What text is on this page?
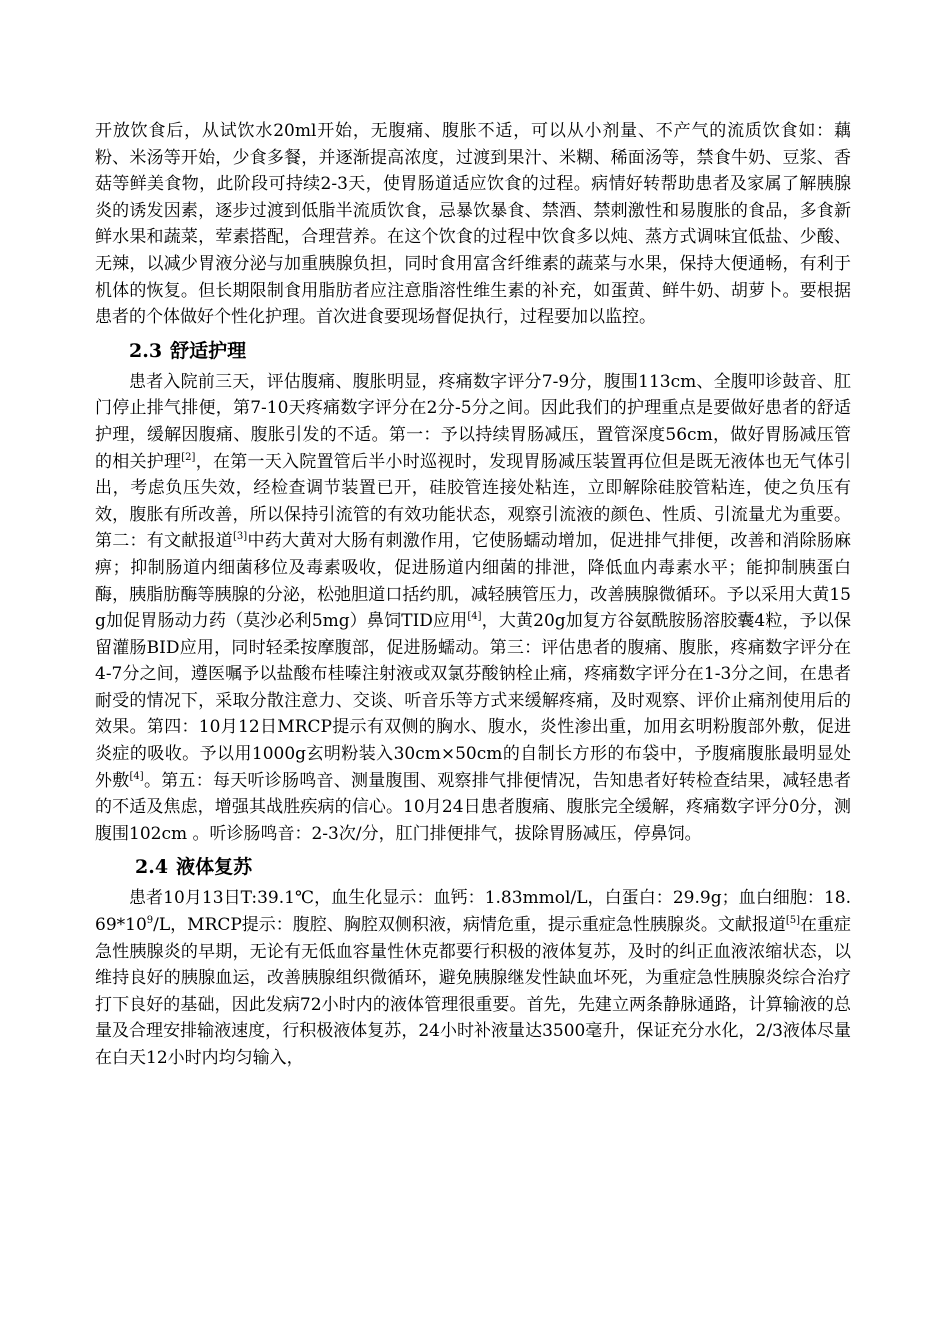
开放饮食后，从试饮水20ml开始，无腹痛、腹胀不适，可以从小剂量、不产气的流质饮食如：藕粉、米汤等开始，少食多餐，并逐渐提高浓度，过渡到果汁、米糊、稀面汤等，禁食牛奶、豆浆、香菇等鲜美食物，此阶段可持续2-3天，使胃肠道适应饮食的过程。病情好转帮助患者及家属了解胰腺炎的诱发因素，逐步过渡到低脂半流质饮食，忌暴饮暴食、禁酒、禁刺激性和易腹胀的食品，多食新鲜水果和蔬菜，荤素搭配，合理营养。在这个饮食的过程中饮食多以炖、蒸方式调味宜低盐、少酸、无辣，以减少胃液分泌与加重胰腺负担，同时食用富含纤维素的蔬菜与水果，保持大便通畅，有利于机体的恢复。但长期限制食用脂肪者应注意脂溶性维生素的补充，如蛋黄、鲜牛奶、胡萝卜。要根据患者的个体做好个性化护理。首次进食要现场督促执行，过程要加以监控。

2.3 舒适护理

患者入院前三天，评估腹痛、腹胀明显，疼痛数字评分7-9分，腹围113cm、全腹叩诊鼓音、肛门停止排气排便，第7-10天疼痛数字评分在2分-5分之间。因此我们的护理重点是要做好患者的舒适护理，缓解因腹痛、腹胀引发的不适。第一：予以持续胃肠减压，置管深度56cm，做好胃肠减压管的相关护理[2]，在第一天入院置管后半小时巡视时，发现胃肠减压装置再位但是既无液体也无气体引出，考虑负压失效，经检查调节装置已开，硅胶管连接处粘连，立即解除硅胶管粘连，使之负压有效，腹胀有所改善，所以保持引流管的有效功能状态，观察引流液的颜色、性质、引流量尤为重要。第二：有文献报道[3]中药大黄对大肠有刺激作用，它使肠蠕动增加，促进排气排便，改善和消除肠麻痹；抑制肠道内细菌移位及毒素吸收，促进肠道内细菌的排泄，降低血内毒素水平；能抑制胰蛋白酶，胰脂肪酶等胰腺的分泌，松弛胆道口括约肌，减轻胰管压力，改善胰腺微循环。予以采用大黄15g加促胃肠动力药（莫沙必利5mg）鼻饲TID应用[4]，大黄20g加复方谷氨酰胺肠溶胶囊4粒，予以保留灌肠BID应用，同时轻柔按摩腹部，促进肠蠕动。第三：评估患者的腹痛、腹胀，疼痛数字评分在4-7分之间，遵医嘱予以盐酸布桂嗪注射液或双氯芬酸钠栓止痛，疼痛数字评分在1-3分之间，在患者耐受的情况下，采取分散注意力、交谈、听音乐等方式来缓解疼痛，及时观察、评价止痛剂使用后的效果。第四：10月12日MRCP提示有双侧的胸水、腹水，炎性渗出重，加用玄明粉腹部外敷，促进炎症的吸收。予以用1000g玄明粉装入30cm×50cm的自制长方形的布袋中，予腹痛腹胀最明显处外敷[4]。第五：每天听诊肠鸣音、测量腹围、观察排气排便情况，告知患者好转检查结果，减轻患者的不适及焦虑，增强其战胜疾病的信心。10月24日患者腹痛、腹胀完全缓解，疼痛数字评分0分，测腹围102cm 。听诊肠鸣音：2-3次/分，肛门排便排气，拔除胃肠减压，停鼻饲。

2.4 液体复苏

患者10月13日T:39.1℃，血生化显示：血钙：1.83mmol/L，白蛋白：29.9g；血白细胞：$18.69*10^9/L$，MRCP提示：腹腔、胸腔双侧积液，病情危重，提示重症急性胰腺炎。文献报道[5]在重症急性胰腺炎的早期，无论有无低血容量性休克都要行积极的液体复苏，及时的纠正血液浓缩状态，以维持良好的胰腺血运，改善胰腺组织微循环，避免胰腺继发性缺血坏死，为重症急性胰腺炎综合治疗打下良好的基础，因此发病72小时内的液体管理很重要。首先，先建立两条静脉通路，计算输液的总量及合理安排输液速度，行积极液体复苏，24小时补液量达3500毫升，保证充分水化，2/3液体尽量在白天12小时内均匀输入，
